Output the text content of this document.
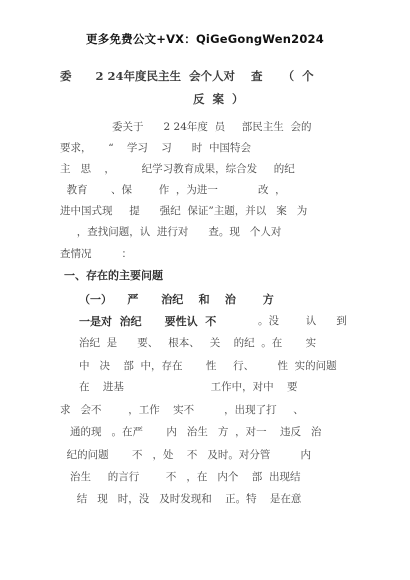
更多免费公文+VX：QiGeGongWen2024
委      2 24年度民主生  会个人对    查     （  个
反  案  ）
委关于      2 24年度  员     部民主生  会的
要求，     “    学习    习      时  中国特会
主   思    ，        纪学习教育成果，综合发     的纪
教育       、保        作  ，为进一            改  ，
进中国式现     提      强纪  保证”主题，并以   案   为
，查找问题，认  进行对      查。现   个人对
查情况         ：
一、存在的主要问题
（一）    严      治纪    和    治       方
一是对  治纪      要性认  不 。没        认      到
治纪  是      要、   根本、   关    的纪  。在       实
中   决    部  中，存在       性     行、       性  实的问题
在    进基                          工作中，对中    要
求   会不        ，工作    实不         ，出现了打     、
通的现   。在严       内   治生   方  ，对一    违反   治
纪的问题       不   ，处    不   及时。对分管         内
治生     的言行        不   ，在   内个    部  出现结
结   现   时，没   及时发现和    正。特    是在意
